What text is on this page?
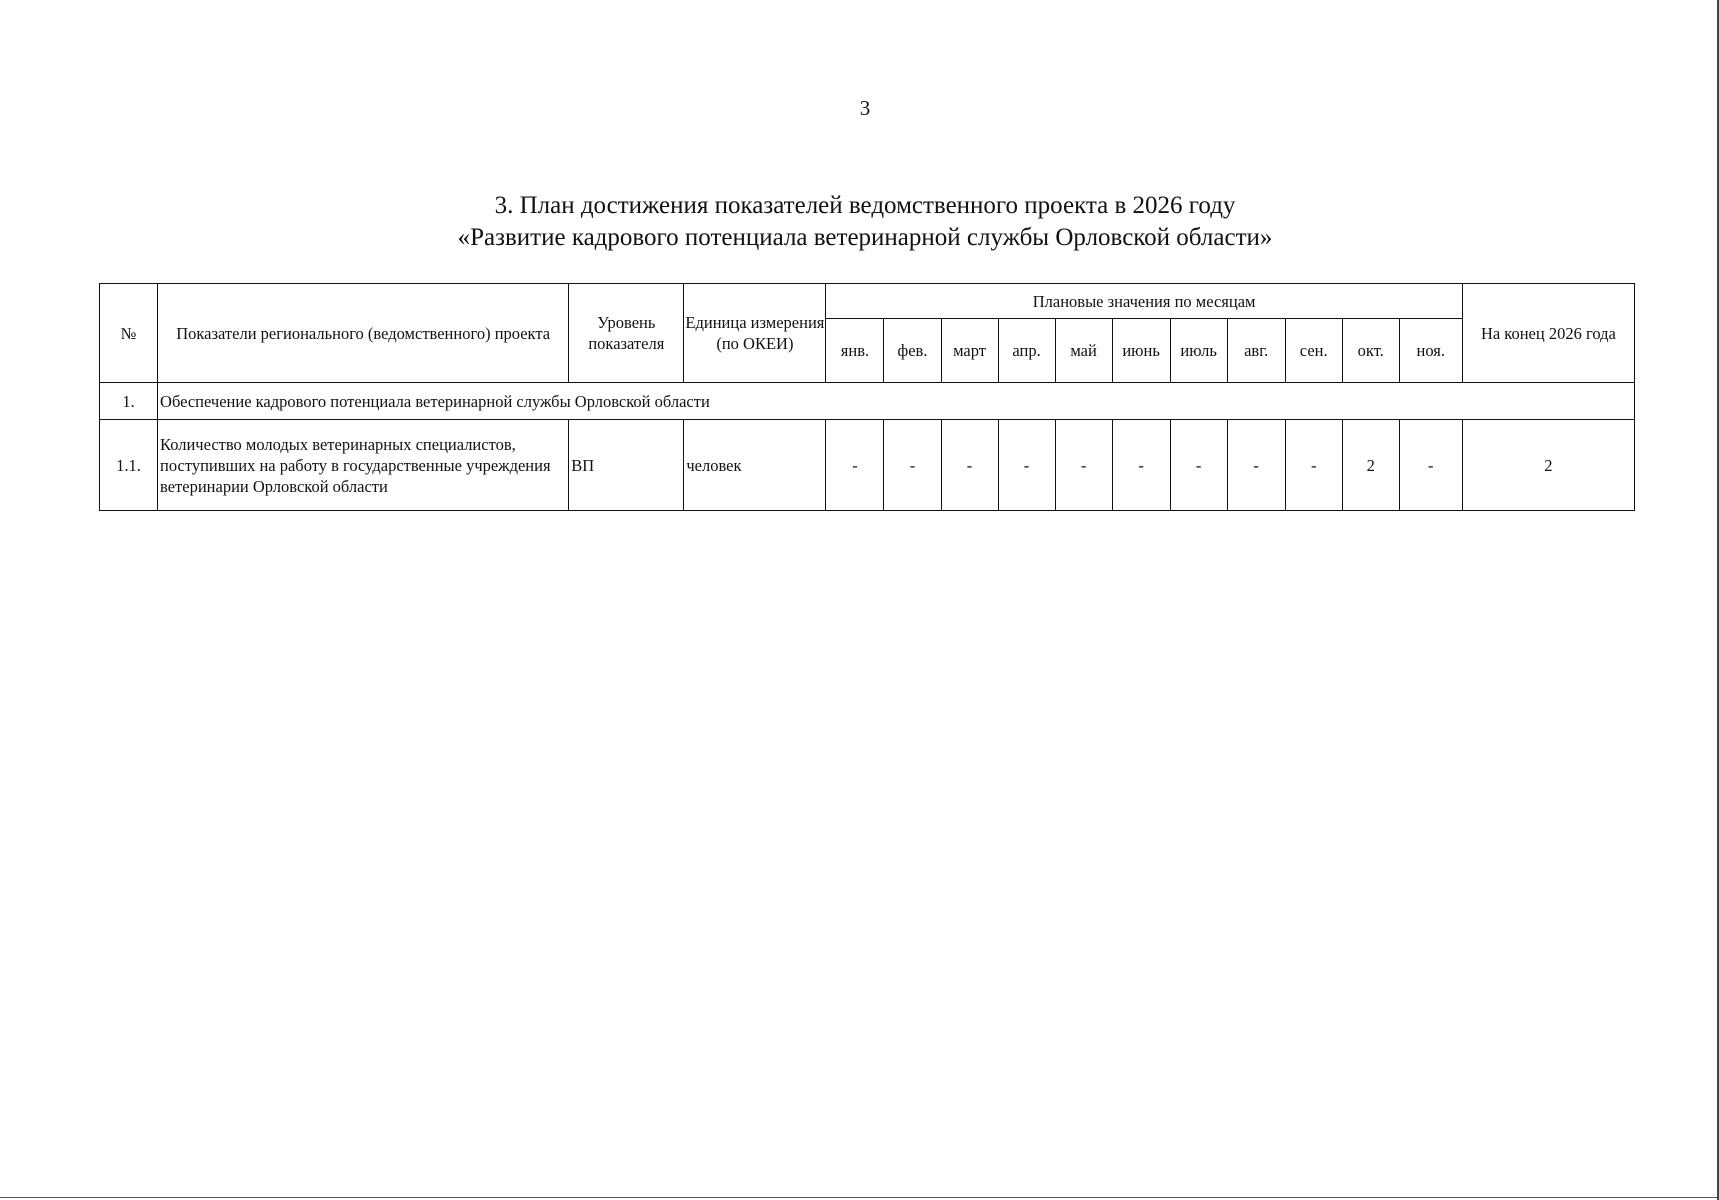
3
3. План достижения показателей ведомственного проекта в 2026 году
«Развитие кадрового потенциала ветеринарной службы Орловской области»
№	Показатели регионального (ведомственного) проекта	Уровень показателя	Единица измерения (по ОКЕИ)	Плановые значения по месяцам											На конец 2026 года
				янв.	фев.	март	апр.	май	июнь	июль	авг.	сен.	окт.	ноя.	
1.	Обеспечение кадрового потенциала ветеринарной службы Орловской области														
1.1.	Количество молодых ветеринарных специалистов, поступивших на работу в государственные учреждения ветеринарии Орловской области	ВП	человек	-	-	-	-	-	-	-	-	-	2	-	2
